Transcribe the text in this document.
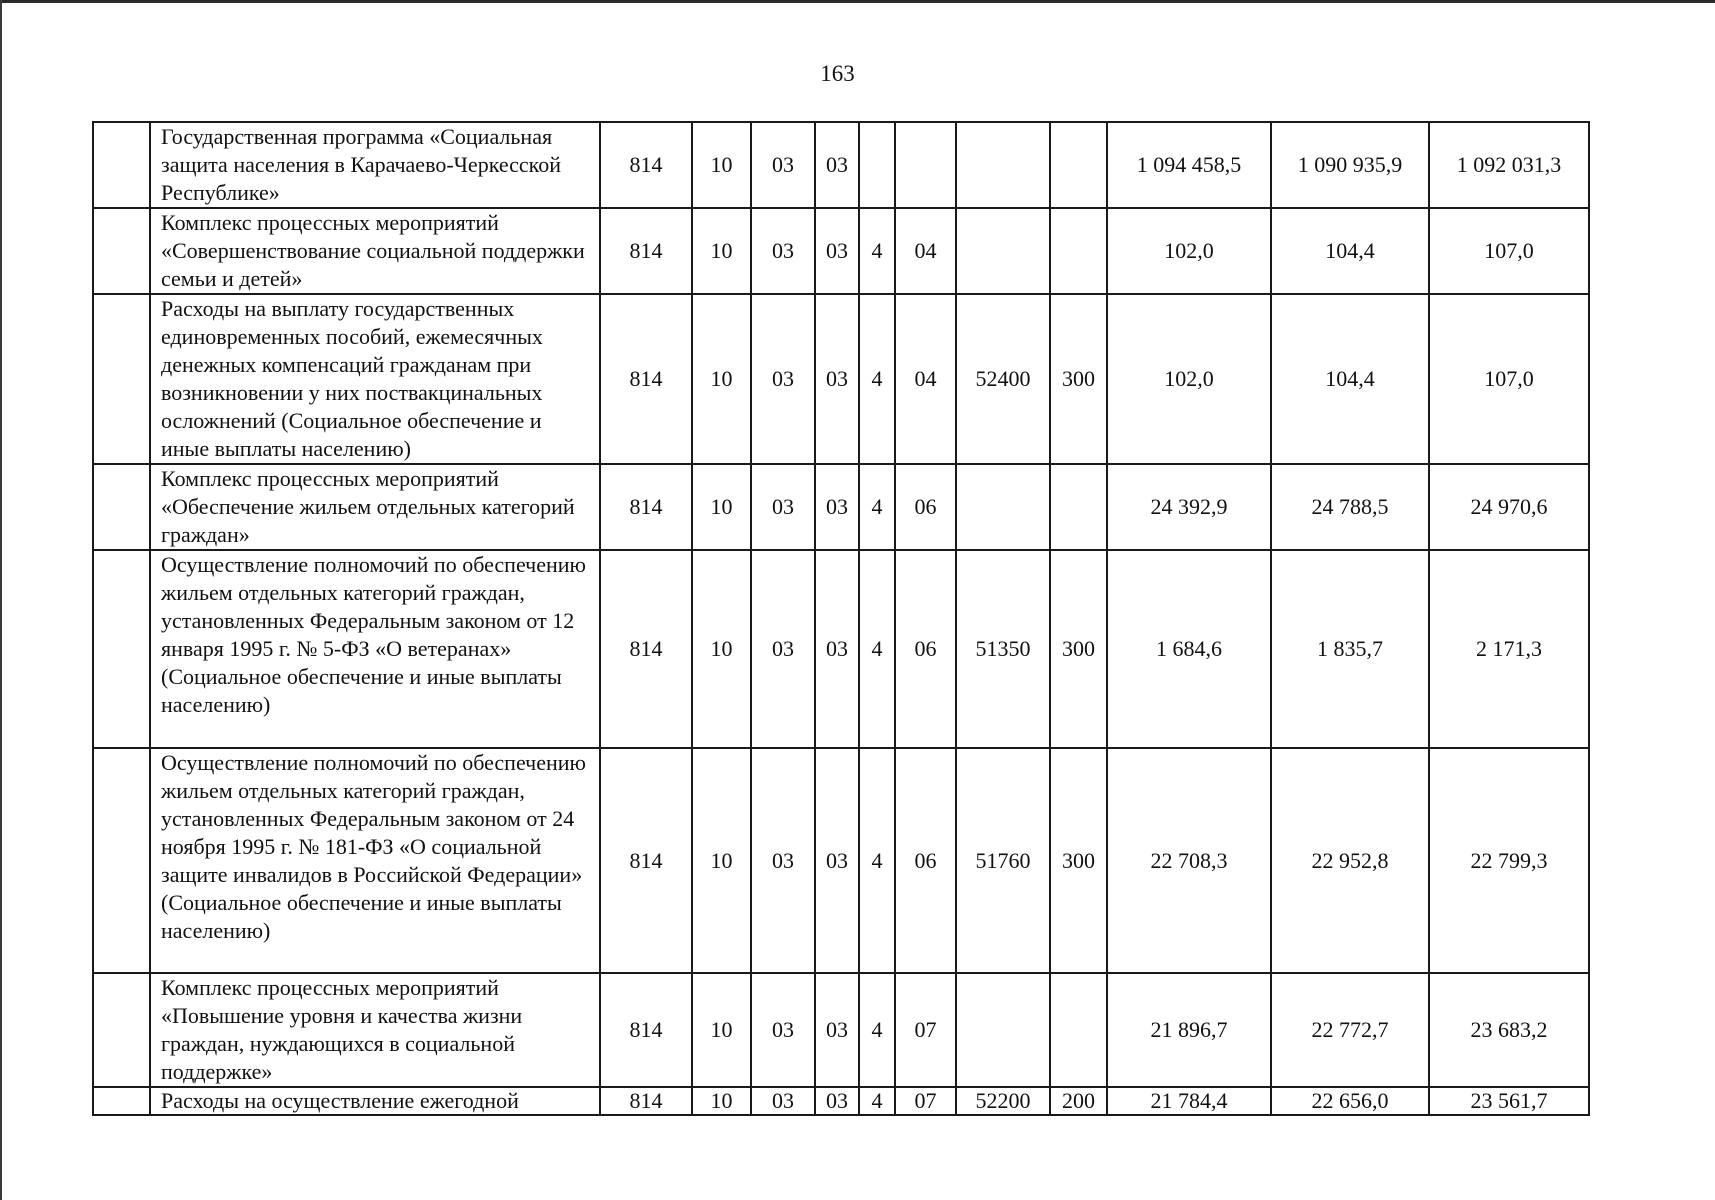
163
	Государственная программа «Социальная защита населения в Карачаево-Черкесской Республике»	814	10	03	03					1 094 458,5	1 090 935,9	1 092 031,3
	Комплекс процессных мероприятий «Совершенствование социальной поддержки семьи и детей»	814	10	03	03	4	04			102,0	104,4	107,0
	Расходы на выплату государственных единовременных пособий, ежемесячных денежных компенсаций гражданам при возникновении у них поствакцинальных осложнений (Социальное обеспечение и иные выплаты населению)	814	10	03	03	4	04	52400	300	102,0	104,4	107,0
	Комплекс процессных мероприятий «Обеспечение жильем отдельных категорий граждан»	814	10	03	03	4	06			24 392,9	24 788,5	24 970,6
	Осуществление полномочий по обеспечению жильем отдельных категорий граждан, установленных Федеральным законом от 12 января 1995 г. № 5-ФЗ «О ветеранах» (Социальное обеспечение и иные выплаты населению)	814	10	03	03	4	06	51350	300	1 684,6	1 835,7	2 171,3
	Осуществление полномочий по обеспечению жильем отдельных категорий граждан, установленных Федеральным законом от 24 ноября 1995 г. № 181-ФЗ «О социальной защите инвалидов в Российской Федерации» (Социальное обеспечение и иные выплаты населению)	814	10	03	03	4	06	51760	300	22 708,3	22 952,8	22 799,3
	Комплекс процессных мероприятий «Повышение уровня и качества жизни граждан, нуждающихся в социальной поддержке»	814	10	03	03	4	07			21 896,7	22 772,7	23 683,2
	Расходы на осуществление ежегодной	814	10	03	03	4	07	52200	200	21 784,4	22 656,0	23 561,7
